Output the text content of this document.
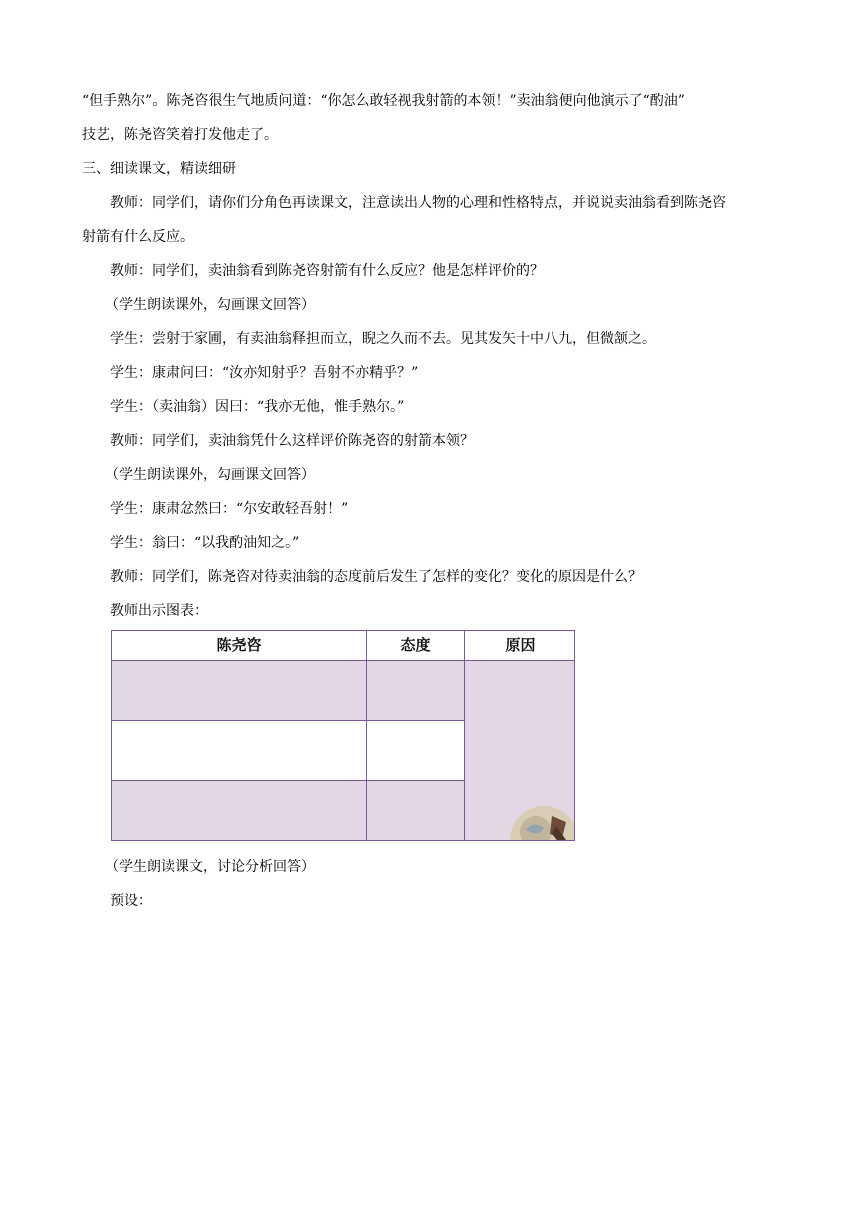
“但手熟尔”。陈尧咨很生气地质问道：“你怎么敢轻视我射箭的本领！”卖油翁便向他演示了“酌油”
技艺，陈尧咨笑着打发他走了。
三、细读课文，精读细研
教师：同学们，请你们分角色再读课文，注意读出人物的心理和性格特点，并说说卖油翁看到陈尧咨
射箭有什么反应。
教师：同学们，卖油翁看到陈尧咨射箭有什么反应？他是怎样评价的？
（学生朗读课外，勾画课文回答）
学生：尝射于家圃，有卖油翁释担而立，睨之久而不去。见其发矢十中八九，但微颔之。
学生：康肃问曰：“汝亦知射乎？吾射不亦精乎？”
学生：（卖油翁）因曰：“我亦无他，惟手熟尔。”
教师：同学们，卖油翁凭什么这样评价陈尧咨的射箭本领？
（学生朗读课外，勾画课文回答）
学生：康肃忿然曰：“尔安敢轻吾射！”
学生：翁曰：“以我酌油知之。”
教师：同学们，陈尧咨对待卖油翁的态度前后发生了怎样的变化？变化的原因是什么？
教师出示图表：
陈尧咨	态度	原因
（学生朗读课文，讨论分析回答）
预设：
